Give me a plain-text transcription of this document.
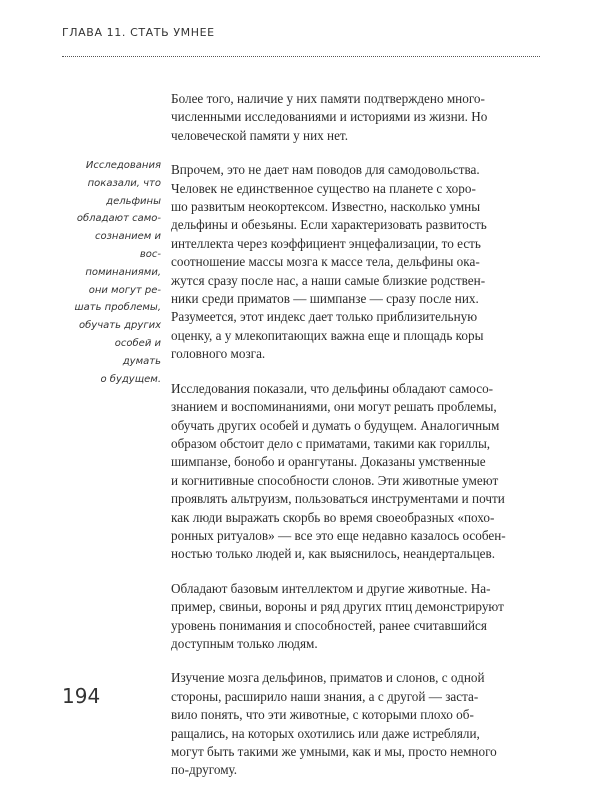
ГЛАВА 11. СТАТЬ УМНЕЕ
Исследования
показали, что
дельфины
обладают само-
сознанием и вос-
поминаниями,
они могут ре-
шать проблемы,
обучать других
особей и думать
о будущем.

Более того, наличие у них памяти подтверждено много-
численными исследованиями и историями из жизни. Но
человеческой памяти у них нет.

Впрочем, это не дает нам поводов для самодовольства.
Человек не единственное существо на планете с хоро-
шо развитым неокортексом. Известно, насколько умны
дельфины и обезьяны. Если характеризовать развитость
интеллекта через коэффициент энцефализации, то есть
соотношение массы мозга к массе тела, дельфины ока-
жутся сразу после нас, а наши самые близкие родствен-
ники среди приматов — шимпанзе — сразу после них.
Разумеется, этот индекс дает только приблизительную
оценку, а у млекопитающих важна еще и площадь коры
головного мозга.

Исследования показали, что дельфины обладают самосо-
знанием и воспоминаниями, они могут решать проблемы,
обучать других особей и думать о будущем. Аналогичным
образом обстоит дело с приматами, такими как гориллы,
шимпанзе, бонобо и орангутаны. Доказаны умственные
и когнитивные способности слонов. Эти животные умеют
проявлять альтруизм, пользоваться инструментами и почти
как люди выражать скорбь во время своеобразных «похо-
ронных ритуалов» — все это еще недавно казалось особен-
ностью только людей и, как выяснилось, неандертальцев.

Обладают базовым интеллектом и другие животные. На-
пример, свиньи, вороны и ряд других птиц демонстрируют
уровень понимания и способностей, ранее считавшийся
доступным только людям.

Изучение мозга дельфинов, приматов и слонов, с одной
стороны, расширило наши знания, а с другой — заста-
вило понять, что эти животные, с которыми плохо об-
ращались, на которых охотились или даже истребляли,
могут быть такими же умными, как и мы, просто немного
по-другому.

194
